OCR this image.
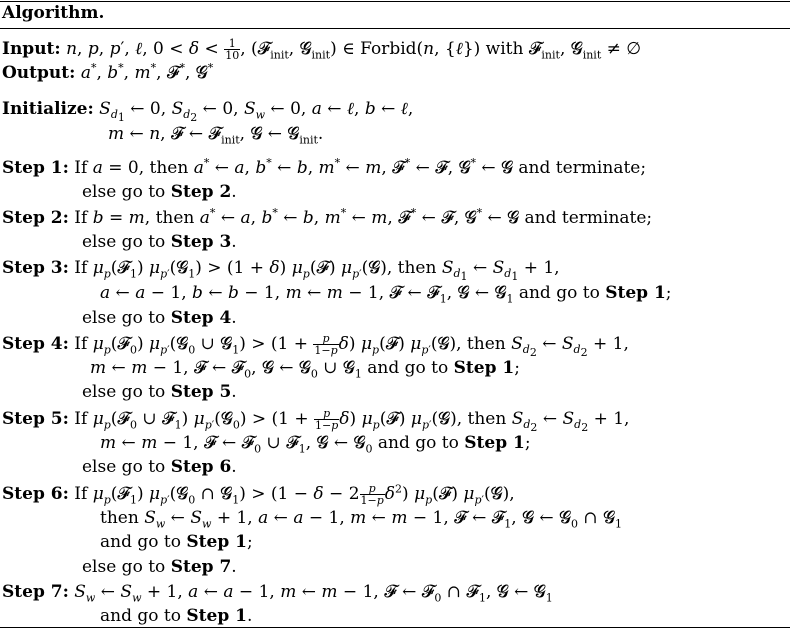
Algorithm.
Input: n, p, p′, ℓ, $0 < \delta < \frac{1}{10}$ , (𝓕$_{init}$, 𝓖$_{init}$) ∈ Forbid(n, {ℓ}) with 𝓕$_{init}$, 𝓖$_{init}$ ≠ ∅
Output: a*, b*, m*, 𝓕*, 𝓖*
Initialize: $S_{d_1}$ ← 0, $S_{d_2}$ ← 0, $S_w$ ← 0, a ← ℓ, b ← ℓ,
m ← n, 𝓕 ← 𝓕$_{init}$, 𝓖 ← 𝓖$_{init}$.
Step 1: If a = 0, then a* ← a, b* ← b, m* ← m, 𝓕* ← 𝓕, 𝓖* ← 𝓖 and terminate;
else go to Step 2.
Step 2: If b = m, then a* ← a, b* ← b, m* ← m, 𝓕* ← 𝓕, 𝓖* ← 𝓖 and terminate;
else go to Step 3.
Step 3: If $\mu_p(𝓕_1)$ $\mu_{p'}(𝓖_1) > (1 + \delta)$ $\mu_p(𝓕)$ $\mu_{p'}(𝓖)$, then $S_{d_1}$ ← $S_{d_1} + 1$,
a ← a − 1, b ← b − 1, m ← m − 1, 𝓕 ← 𝓕$_1$, 𝓖 ← 𝓖$_1$ and go to Step 1;
else go to Step 4.
Step 4: If $\mu_p(𝓕_0)$ $\mu_{p'}(𝓖_0$ ∪ 𝓖$_1$) > $(1 + \frac{p}{1-p} \delta)$ $\mu_p(𝓕)$ $\mu_{p'}(𝓖)$, then $S_{d_2}$ ← $S_{d_2} + 1$,
m ← m − 1, 𝓕 ← 𝓕$_0$, 𝓖 ← 𝓖$_0$ ∪ 𝓖$_1$ and go to Step 1;
else go to Step 5.
Step 5: If $\mu_p(𝓕_0$ ∪ 𝓕$_1$) $\mu_{p'}(𝓖_0) > (1 + \frac{p}{1-p} \delta)$ $\mu_p(𝓕)$ $\mu_{p'}(𝓖)$, then $S_{d_2}$ ← $S_{d_2} + 1$,
m ← m − 1, 𝓕 ← 𝓕$_0$ ∪ 𝓕$_1$, 𝓖 ← 𝓖$_0$ and go to Step 1;
else go to Step 6.
Step 6: If $\mu_p(𝓕_1)$ $\mu_{p'}(𝓖_0$ ∩ 𝓖$_1$) > $(1 - \delta - 2 \frac{p}{1-p} \delta^2)$ $\mu_p(𝓕)$ $\mu_{p'}(𝓖)$,
then $S_w$ ← $S_w + 1$, a ← a − 1, m ← m − 1, 𝓕 ← 𝓕$_1$, 𝓖 ← 𝓖$_0$ ∩ 𝓖$_1$
and go to Step 1;
else go to Step 7.
Step 7: $S_w$ ← $S_w + 1$, a ← a − 1, m ← m − 1, 𝓕 ← 𝓕$_0$ ∩ 𝓕$_1$, 𝓖 ← 𝓖$_1$
and go to Step 1.
